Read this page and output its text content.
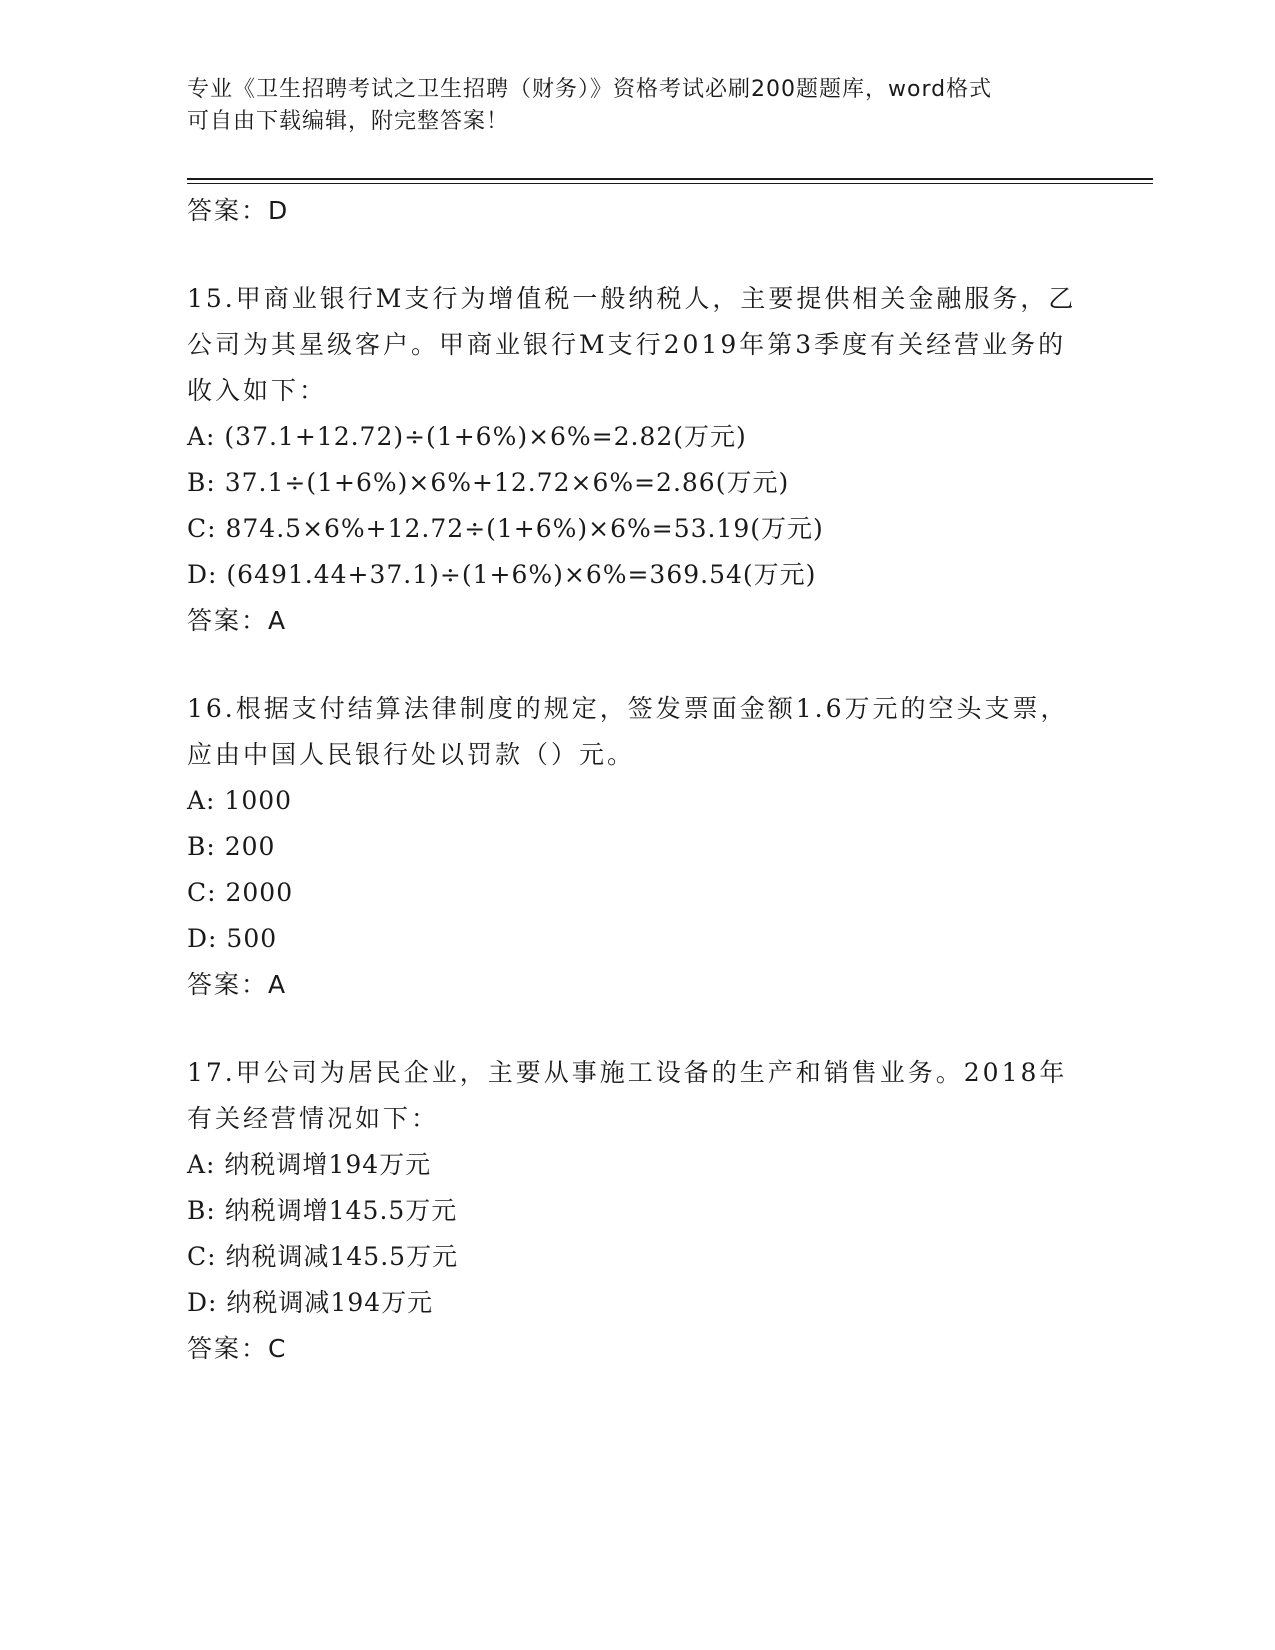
专业《卫生招聘考试之卫生招聘（财务）》资格考试必刷200题题库，word格式
可自由下载编辑，附完整答案！
答案：D
15.甲商业银行M支行为增值税一般纳税人，主要提供相关金融服务，乙公司为其星级客户。甲商业银行M支行2019年第3季度有关经营业务的收入如下：
A: (37.1+12.72)÷(1+6%)×6%=2.82(万元)
B: 37.1÷(1+6%)×6%+12.72×6%=2.86(万元)
C: 874.5×6%+12.72÷(1+6%)×6%=53.19(万元)
D: (6491.44+37.1)÷(1+6%)×6%=369.54(万元)
答案：A
16.根据支付结算法律制度的规定，签发票面金额1.6万元的空头支票，应由中国人民银行处以罚款（）元。
A: 1000
B: 200
C: 2000
D: 500
答案：A
17.甲公司为居民企业，主要从事施工设备的生产和销售业务。2018年有关经营情况如下：
A: 纳税调增194万元
B: 纳税调增145.5万元
C: 纳税调减145.5万元
D: 纳税调减194万元
答案：C
